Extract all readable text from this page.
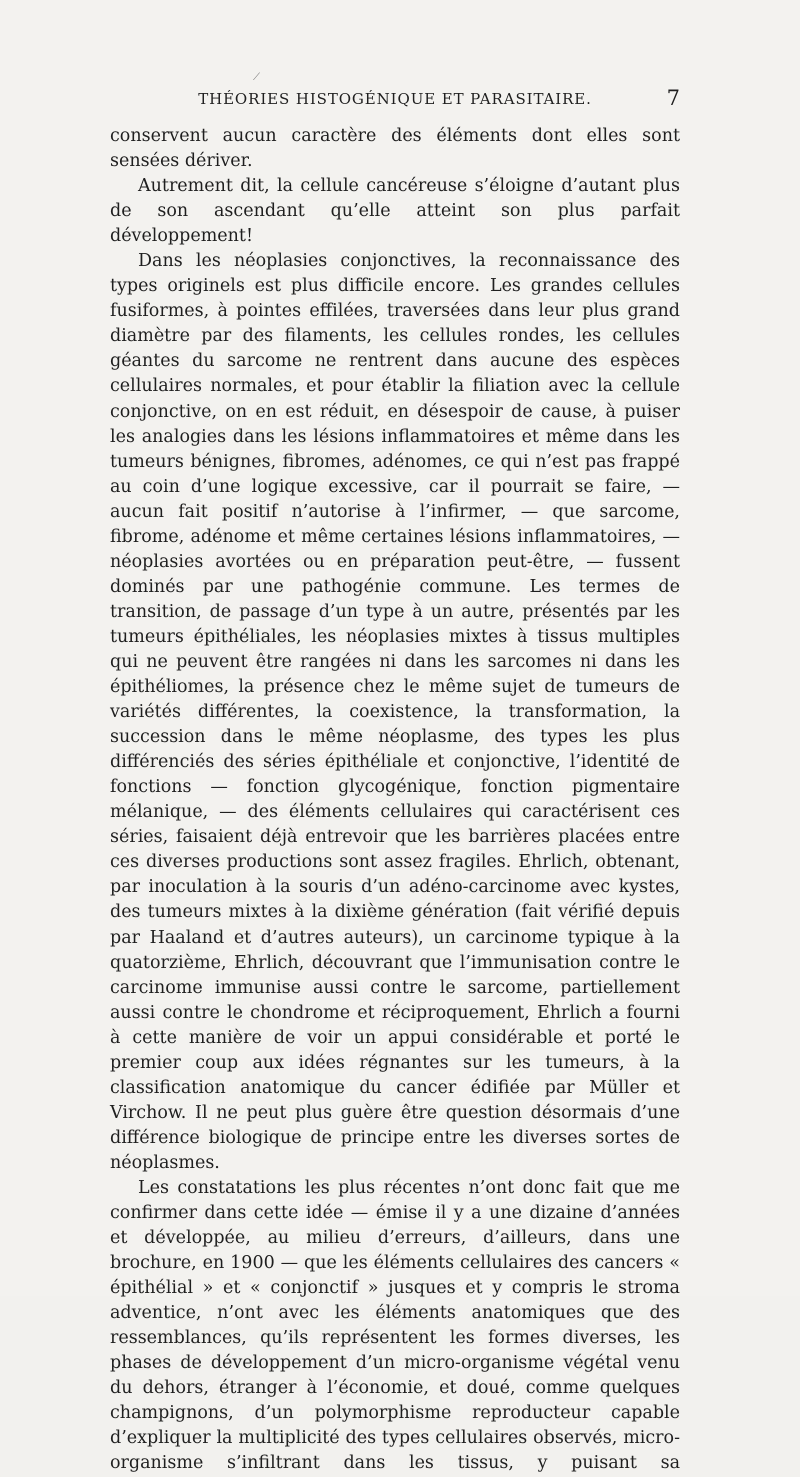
⟋
THÉORIES HISTOGÉNIQUE ET PARASITAIRE.	7

conservent aucun caractère des éléments dont elles sont sensées dériver.

Autrement dit, la cellule cancéreuse s’éloigne d’autant plus de son ascendant qu’elle atteint son plus parfait développement!

Dans les néoplasies conjonctives, la reconnaissance des types originels est plus difficile encore. Les grandes cellules fusiformes, à pointes effilées, traversées dans leur plus grand diamètre par des filaments, les cellules rondes, les cellules géantes du sarcome ne rentrent dans aucune des espèces cellulaires normales, et pour établir la filiation avec la cellule conjonctive, on en est réduit, en désespoir de cause, à puiser les analogies dans les lésions inflammatoires et même dans les tumeurs bénignes, fibromes, adénomes, ce qui n’est pas frappé au coin d’une logique excessive, car il pourrait se faire, — aucun fait positif n’autorise à l’infirmer, — que sarcome, fibrome, adénome et même certaines lésions inflammatoires, — néoplasies avortées ou en préparation peut-être, — fussent dominés par une pathogénie commune. Les termes de transition, de passage d’un type à un autre, présentés par les tumeurs épithéliales, les néoplasies mixtes à tissus multiples qui ne peuvent être rangées ni dans les sarcomes ni dans les épithéliomes, la présence chez le même sujet de tumeurs de variétés différentes, la coexistence, la transformation, la succession dans le même néoplasme, des types les plus différenciés des séries épithéliale et conjonctive, l’identité de fonctions — fonction glycogénique, fonction pigmentaire mélanique, — des éléments cellulaires qui caractérisent ces séries, faisaient déjà entrevoir que les barrières placées entre ces diverses productions sont assez fragiles. Ehrlich, obtenant, par inoculation à la souris d’un adéno-carcinome avec kystes, des tumeurs mixtes à la dixième génération (fait vérifié depuis par Haaland et d’autres auteurs), un carcinome typique à la quatorzième, Ehrlich, découvrant que l’immunisation contre le carcinome immunise aussi contre le sarcome, partiellement aussi contre le chondrome et réciproquement, Ehrlich a fourni à cette manière de voir un appui considérable et porté le premier coup aux idées régnantes sur les tumeurs, à la classification anatomique du cancer édifiée par Müller et Virchow. Il ne peut plus guère être question désormais d’une différence biologique de principe entre les diverses sortes de néoplasmes.

Les constatations les plus récentes n’ont donc fait que me confirmer dans cette idée — émise il y a une dizaine d’années et développée, au milieu d’erreurs, d’ailleurs, dans une brochure, en 1900 — que les éléments cellulaires des cancers « épithélial » et « conjonctif » jusques et y compris le stroma adventice, n’ont avec les éléments anatomiques que des ressemblances, qu’ils représentent les formes diverses, les phases de développement d’un micro-organisme végétal venu du dehors, étranger à l’économie, et doué, comme quelques champignons, d’un polymorphisme reproducteur capable d’expliquer la multiplicité des types cellulaires observés, micro-organisme s’infiltrant dans les tissus, y puisant sa
